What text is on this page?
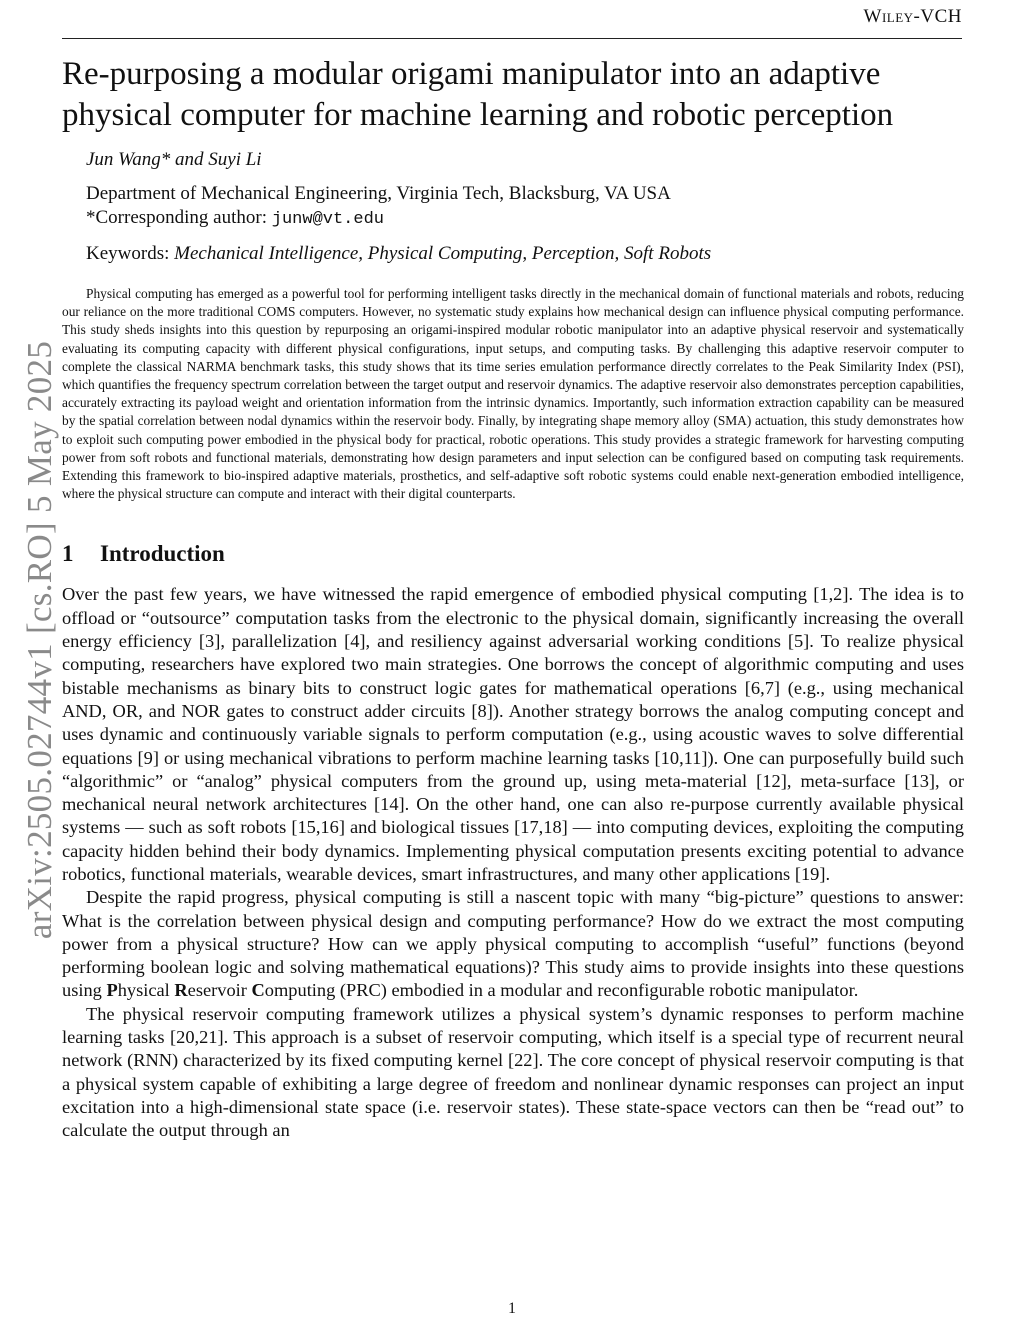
Wiley-VCH
arXiv:2505.02744v1 [cs.RO] 5 May 2025
Re-purposing a modular origami manipulator into an adaptive
physical computer for machine learning and robotic perception
Jun Wang* and Suyi Li
Department of Mechanical Engineering, Virginia Tech, Blacksburg, VA USA
*Corresponding author: junw@vt.edu
Keywords: Mechanical Intelligence, Physical Computing, Perception, Soft Robots

Physical computing has emerged as a powerful tool for performing intelligent tasks directly in the mechanical domain of functional materials and robots, reducing our reliance on the more traditional COMS computers. However, no systematic study explains how mechanical design can influence physical computing performance. This study sheds insights into this question by repurposing an origami-inspired modular robotic manipulator into an adaptive physical reservoir and systematically evaluating its computing capacity with different physical configurations, input setups, and computing tasks. By challenging this adaptive reservoir computer to complete the classical NARMA benchmark tasks, this study shows that its time series emulation performance directly correlates to the Peak Similarity Index (PSI), which quantifies the frequency spectrum correlation between the target output and reservoir dynamics. The adaptive reservoir also demonstrates perception capabilities, accurately extracting its payload weight and orientation information from the intrinsic dynamics. Importantly, such information extraction capability can be measured by the spatial correlation between nodal dynamics within the reservoir body. Finally, by integrating shape memory alloy (SMA) actuation, this study demonstrates how to exploit such computing power embodied in the physical body for practical, robotic operations. This study provides a strategic framework for harvesting computing power from soft robots and functional materials, demonstrating how design parameters and input selection can be configured based on computing task requirements. Extending this framework to bio-inspired adaptive materials, prosthetics, and self-adaptive soft robotic systems could enable next-generation embodied intelligence, where the physical structure can compute and interact with their digital counterparts.

1 Introduction

Over the past few years, we have witnessed the rapid emergence of embodied physical computing [1,2]. The idea is to offload or “outsource” computation tasks from the electronic to the physical domain, significantly increasing the overall energy efficiency [3], parallelization [4], and resiliency against adversarial working conditions [5]. To realize physical computing, researchers have explored two main strategies. One borrows the concept of algorithmic computing and uses bistable mechanisms as binary bits to construct logic gates for mathematical operations [6,7] (e.g., using mechanical AND, OR, and NOR gates to construct adder circuits [8]). Another strategy borrows the analog computing concept and uses dynamic and continuously variable signals to perform computation (e.g., using acoustic waves to solve differential equations [9] or using mechanical vibrations to perform machine learning tasks [10,11]). One can purposefully build such “algorithmic” or “analog” physical computers from the ground up, using meta-material [12], meta-surface [13], or mechanical neural network architectures [14]. On the other hand, one can also re-purpose currently available physical systems — such as soft robots [15,16] and biological tissues [17,18] — into computing devices, exploiting the computing capacity hidden behind their body dynamics. Implementing physical computation presents exciting potential to advance robotics, functional materials, wearable devices, smart infrastructures, and many other applications [19].

Despite the rapid progress, physical computing is still a nascent topic with many “big-picture” questions to answer: What is the correlation between physical design and computing performance? How do we extract the most computing power from a physical structure? How can we apply physical computing to accomplish “useful” functions (beyond performing boolean logic and solving mathematical equations)? This study aims to provide insights into these questions using Physical Reservoir Computing (PRC) embodied in a modular and reconfigurable robotic manipulator.

The physical reservoir computing framework utilizes a physical system’s dynamic responses to perform machine learning tasks [20,21]. This approach is a subset of reservoir computing, which itself is a special type of recurrent neural network (RNN) characterized by its fixed computing kernel [22]. The core concept of physical reservoir computing is that a physical system capable of exhibiting a large degree of freedom and nonlinear dynamic responses can project an input excitation into a high-dimensional state space (i.e. reservoir states). These state-space vectors can then be “read out” to calculate the output through an

1
